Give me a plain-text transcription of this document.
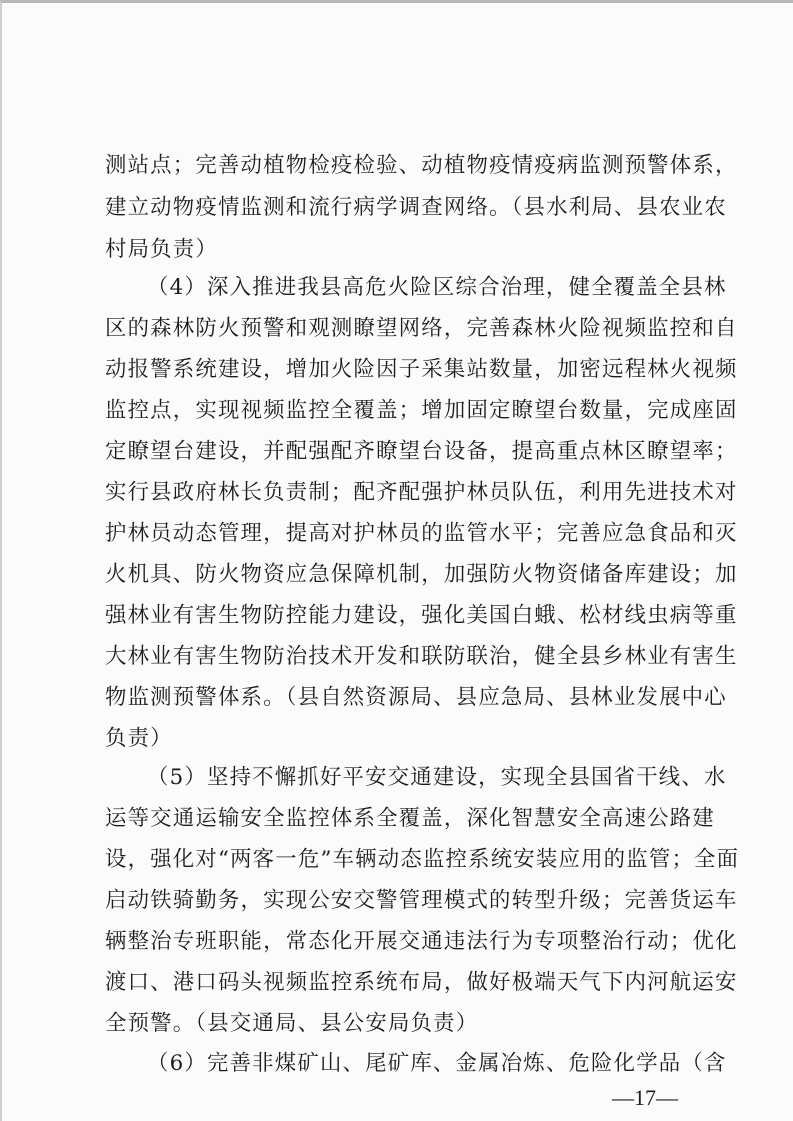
测站点；完善动植物检疫检验、动植物疫情疫病监测预警体系，
建立动物疫情监测和流行病学调查网络。（县水利局、县农业农
村局负责）
（4）深入推进我县高危火险区综合治理，健全覆盖全县林
区的森林防火预警和观测瞭望网络，完善森林火险视频监控和自
动报警系统建设，增加火险因子采集站数量，加密远程林火视频
监控点，实现视频监控全覆盖；增加固定瞭望台数量，完成座固
定瞭望台建设，并配强配齐瞭望台设备，提高重点林区瞭望率；
实行县政府林长负责制；配齐配强护林员队伍，利用先进技术对
护林员动态管理，提高对护林员的监管水平；完善应急食品和灭
火机具、防火物资应急保障机制，加强防火物资储备库建设；加
强林业有害生物防控能力建设，强化美国白蛾、松材线虫病等重
大林业有害生物防治技术开发和联防联治，健全县乡林业有害生
物监测预警体系。（县自然资源局、县应急局、县林业发展中心
负责）
（5）坚持不懈抓好平安交通建设，实现全县国省干线、水
运等交通运输安全监控体系全覆盖，深化智慧安全高速公路建
设，强化对“两客一危”车辆动态监控系统安装应用的监管；全面
启动铁骑勤务，实现公安交警管理模式的转型升级；完善货运车
辆整治专班职能，常态化开展交通违法行为专项整治行动；优化
渡口、港口码头视频监控系统布局，做好极端天气下内河航运安
全预警。（县交通局、县公安局负责）
（6）完善非煤矿山、尾矿库、金属冶炼、危险化学品（含
—17—
